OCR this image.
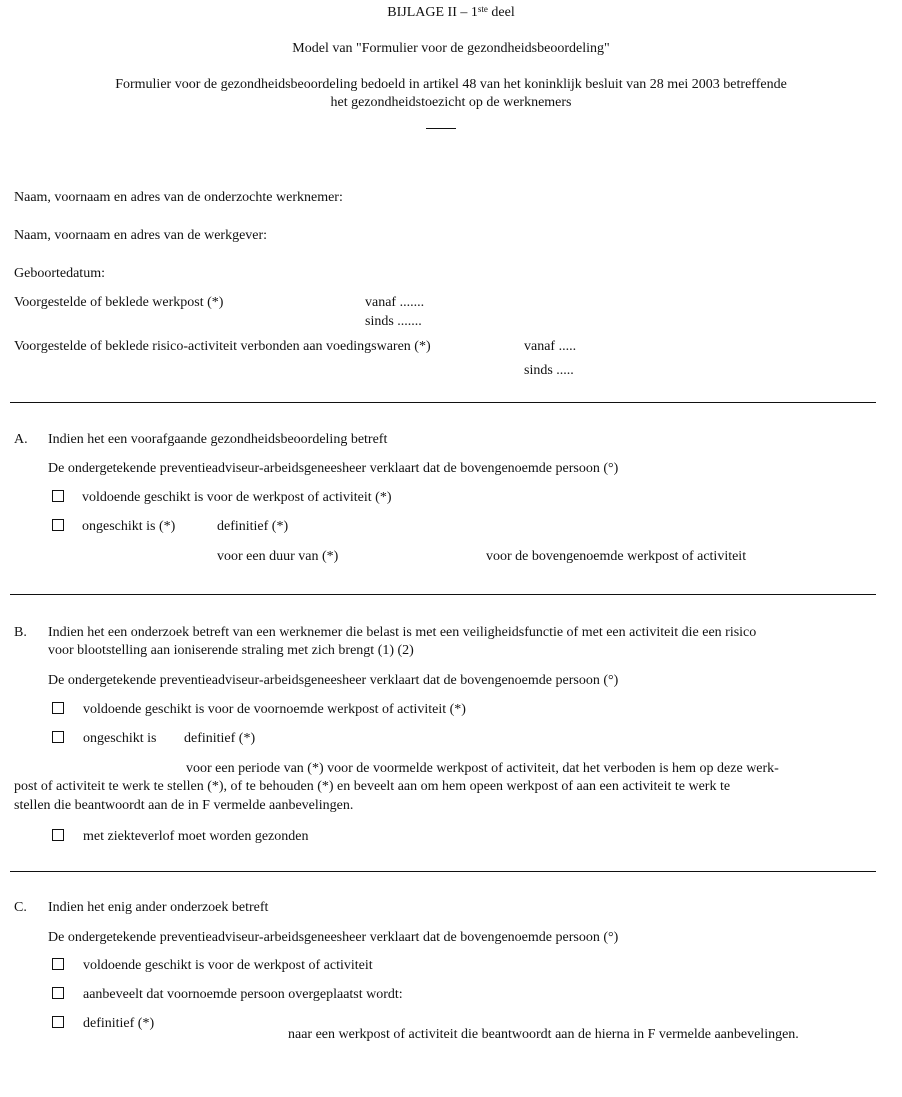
BIJLAGE II – 1ste deel
Model van "Formulier voor de gezondheidsbeoordeling"
Formulier voor de gezondheidsbeoordeling bedoeld in artikel 48 van het koninklijk besluit van 28 mei 2003 betreffende
het gezondheidstoezicht op de werknemers
Naam, voornaam en adres van de onderzochte werknemer:
Naam, voornaam en adres van de werkgever:
Geboortedatum:
Voorgestelde of beklede werkpost (*)	vanaf .......
sinds .......
Voorgestelde of beklede risico-activiteit verbonden aan voedingswaren (*)	vanaf .....
sinds .....
A. Indien het een voorafgaande gezondheidsbeoordeling betreft
De ondergetekende preventieadviseur-arbeidsgeneesheer verklaart dat de bovengenoemde persoon (°)
voldoende geschikt is voor de werkpost of activiteit (*)
ongeschikt is (*)	definitief (*)
voor een duur van (*)	voor de bovengenoemde werkpost of activiteit
B. Indien het een onderzoek betreft van een werknemer die belast is met een veiligheidsfunctie of met een activiteit die een risico
voor blootstelling aan ioniserende straling met zich brengt (1) (2)
De ondergetekende preventieadviseur-arbeidsgeneesheer verklaart dat de bovengenoemde persoon (°)
voldoende geschikt is voor de voornoemde werkpost of activiteit (*)
ongeschikt is definitief (*)
voor een periode van (*) voor de voormelde werkpost of activiteit, dat het verboden is hem op deze werk-
post of activiteit te werk te stellen (*), of te behouden (*) en beveelt aan om hem opeen werkpost of aan een activiteit te werk te
stellen die beantwoordt aan de in F vermelde aanbevelingen.
met ziekteverlof moet worden gezonden
C. Indien het enig ander onderzoek betreft
De ondergetekende preventieadviseur-arbeidsgeneesheer verklaart dat de bovengenoemde persoon (°)
voldoende geschikt is voor de werkpost of activiteit
aanbeveelt dat voornoemde persoon overgeplaatst wordt:
definitief (*)
naar een werkpost of activiteit die beantwoordt aan de hierna in F vermelde aanbevelingen.
